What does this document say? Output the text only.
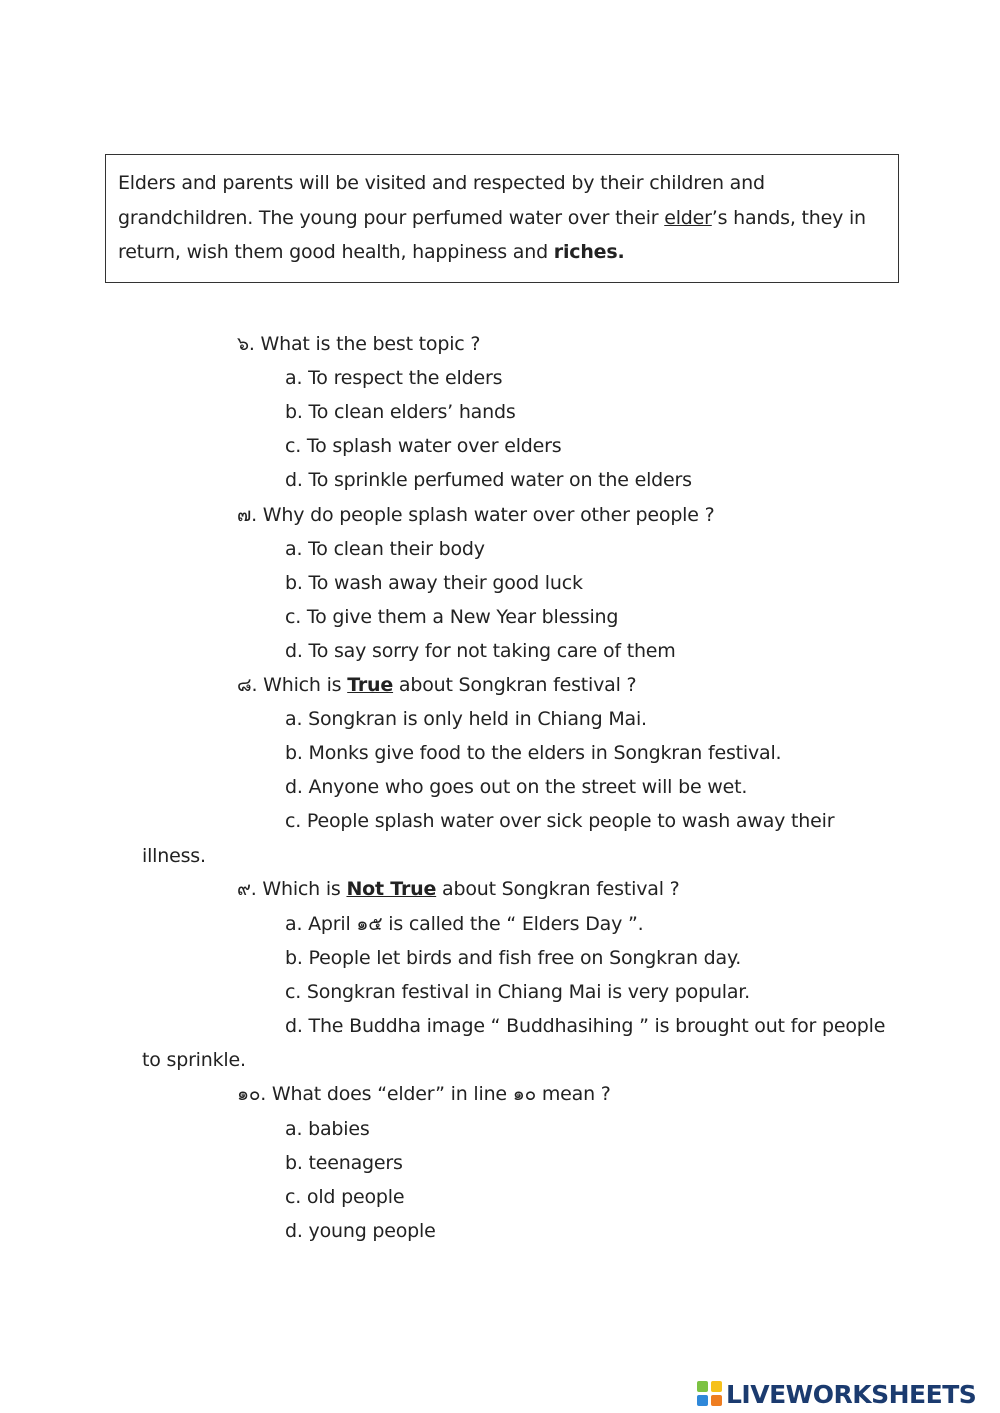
Elders and parents will be visited and respected by their children and
grandchildren. The young pour perfumed water over their elder’s hands, they in
return, wish them good health, happiness and riches.
๖. What is the best topic ?
a. To respect the elders
b. To clean elders’ hands
c. To splash water over elders
d. To sprinkle perfumed water on the elders
๗. Why do people splash water over other people ?
a. To clean their body
b. To wash away their good luck
c. To give them a New Year blessing
d. To say sorry for not taking care of them
๘. Which is True about Songkran festival ?
a. Songkran is only held in Chiang Mai.
b. Monks give food to the elders in Songkran festival.
d. Anyone who goes out on the street will be wet.
c. People splash water over sick people to wash away their
illness.
๙. Which is Not True about Songkran festival ?
a. April ๑๕ is called the “ Elders Day ”.
b. People let birds and fish free on Songkran day.
c. Songkran festival in Chiang Mai is very popular.
d. The Buddha image “ Buddhasihing ” is brought out for people
to sprinkle.
๑๐. What does “elder” in line ๑๐ mean ?
a. babies
b. teenagers
c. old people
d. young people
LIVEWORKSHEETS
